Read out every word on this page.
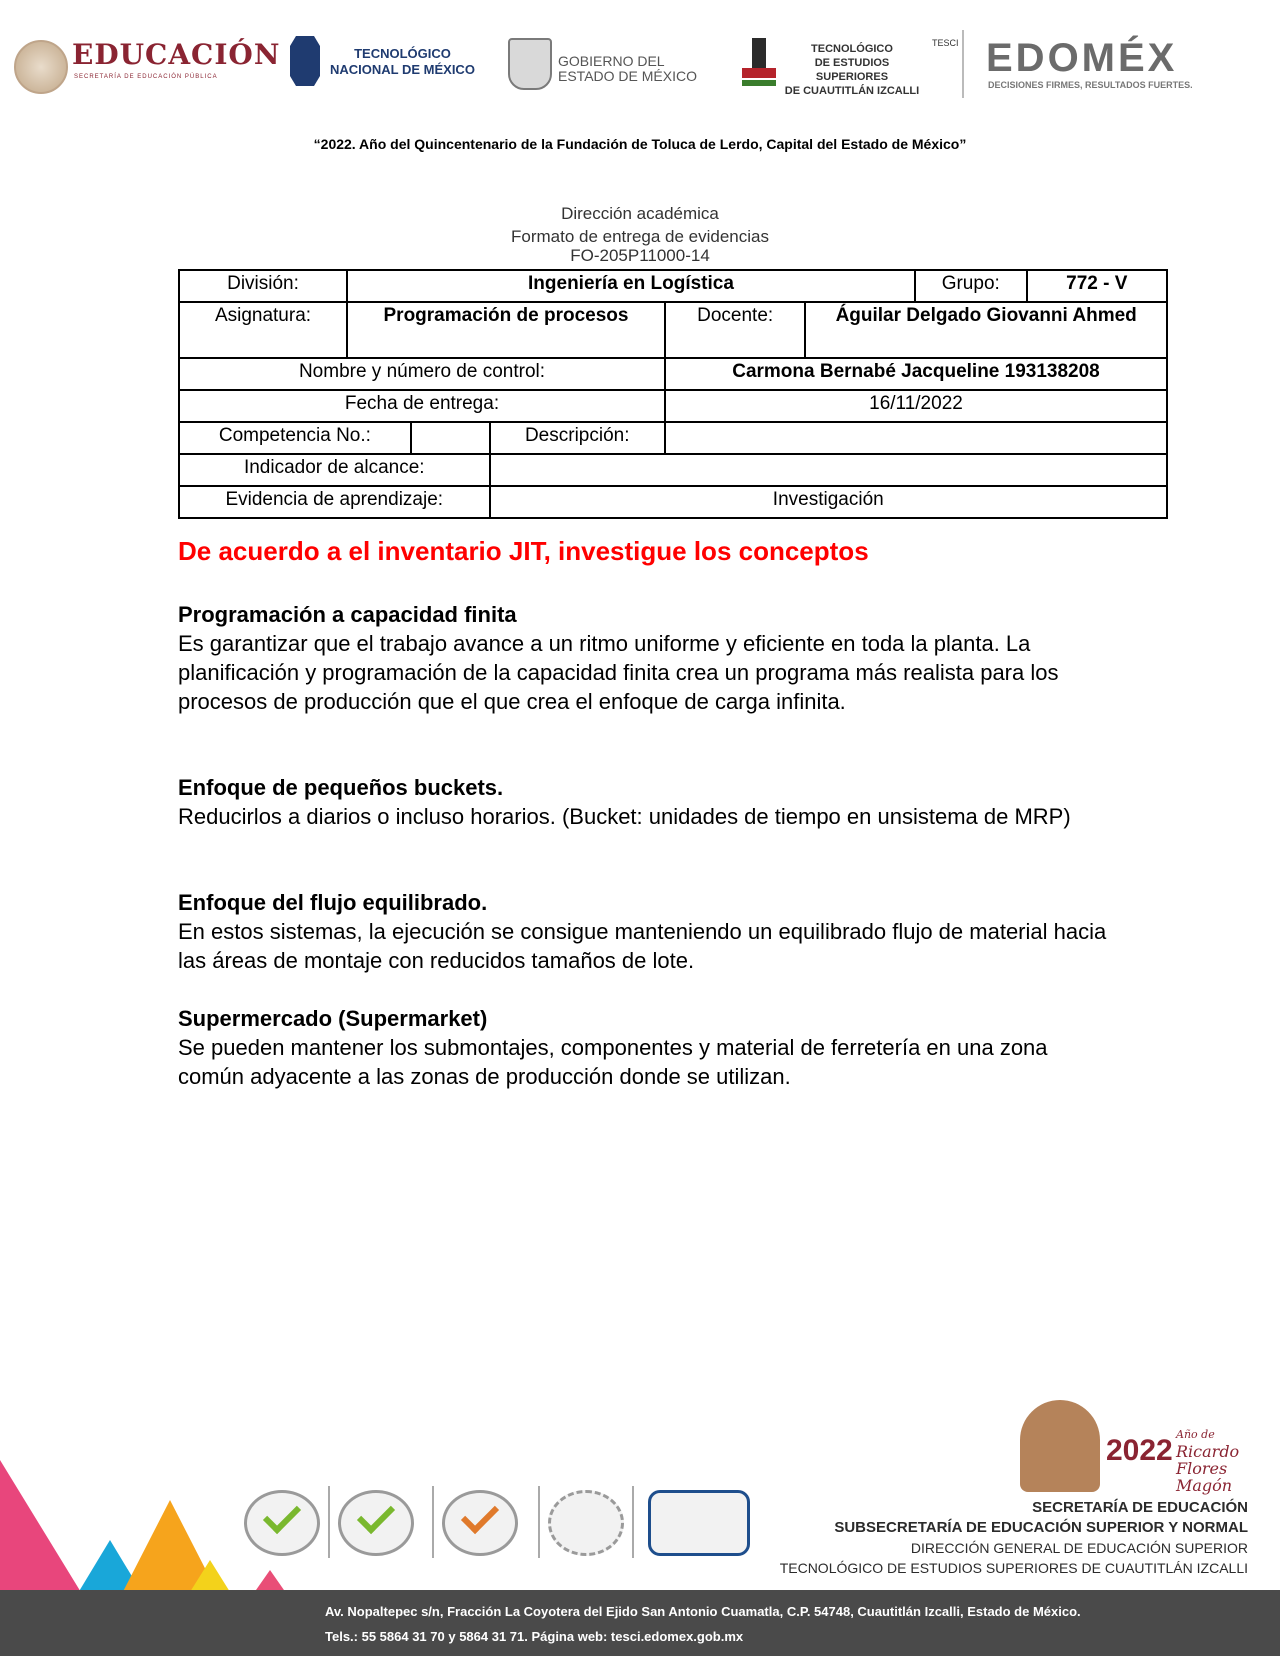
EDUCACIÓN
SECRETARÍA DE EDUCACIÓN PÚBLICA
TECNOLÓGICO
NACIONAL DE MÉXICO
GOBIERNO DEL
ESTADO DE MÉXICO
TECNOLÓGICO
DE ESTUDIOS SUPERIORES
DE CUAUTITLÁN IZCALLI
TESCI EDOMÉX
DECISIONES FIRMES, RESULTADOS FUERTES.
“2022. Año del Quincentenario de la Fundación de Toluca de Lerdo, Capital del Estado de México”
Dirección académica
Formato de entrega de evidencias
FO-205P11000-14
División:	Ingeniería en Logística					Grupo:	772 - V
Asignatura:	Programación de procesos			Docente:	Águilar Delgado Giovanni Ahmed		
Nombre y número de control:				Carmona Bernabé Jacqueline 193138208			
Fecha de entrega:				16/11/2022			
Competencia No.:			Descripción:				
Indicador de alcance:							
Evidencia de aprendizaje:			Investigación				
De acuerdo a el inventario JIT, investigue los conceptos
Programación a capacidad finita
Es garantizar que el trabajo avance a un ritmo uniforme y eficiente en toda la planta. La planificación y programación de la capacidad finita crea un programa más realista para los procesos de producción que el que crea el enfoque de carga infinita.
Enfoque de pequeños buckets.
Reducirlos a diarios o incluso horarios. (Bucket: unidades de tiempo en unsistema de MRP)
Enfoque del flujo equilibrado.
En estos sistemas, la ejecución se consigue manteniendo un equilibrado flujo de material hacia las áreas de montaje con reducidos tamaños de lote.
Supermercado (Supermarket)
Se pueden mantener los submontajes, componentes y material de ferretería en una zona común adyacente a las zonas de producción donde se utilizan.
2022 Año de
Ricardo Flores Magón
SECRETARÍA DE EDUCACIÓN
SUBSECRETARÍA DE EDUCACIÓN SUPERIOR Y NORMAL
DIRECCIÓN GENERAL DE EDUCACIÓN SUPERIOR
TECNOLÓGICO DE ESTUDIOS SUPERIORES DE CUAUTITLÁN IZCALLI
Av. Nopaltepec s/n, Fracción La Coyotera del Ejido San Antonio Cuamatla, C.P. 54748, Cuautitlán Izcalli, Estado de México.
Tels.: 55 5864 31 70 y 5864 31 71. Página web: tesci.edomex.gob.mx
